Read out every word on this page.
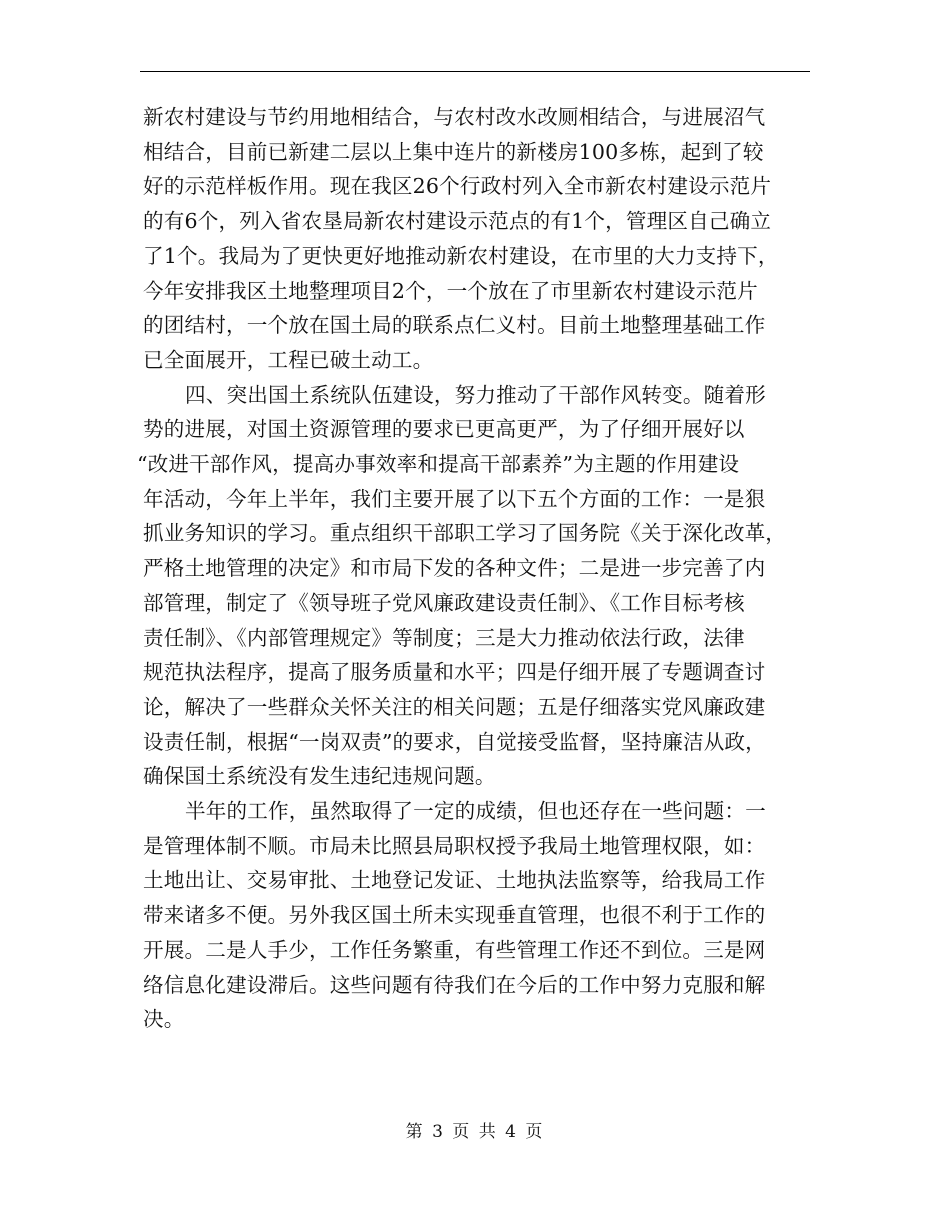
新农村建设与节约用地相结合，与农村改水改厕相结合，与进展沼气
相结合，目前已新建二层以上集中连片的新楼房100多栋，起到了较
好的示范样板作用。现在我区26个行政村列入全市新农村建设示范片
的有6个，列入省农垦局新农村建设示范点的有1个，管理区自己确立
了1个。我局为了更快更好地推动新农村建设，在市里的大力支持下，
今年安排我区土地整理项目2个，一个放在了市里新农村建设示范片
的团结村，一个放在国土局的联系点仁义村。目前土地整理基础工作
已全面展开，工程已破土动工。
四、突出国土系统队伍建设，努力推动了干部作风转变。随着形
势的进展，对国土资源管理的要求已更高更严，为了仔细开展好以
“改进干部作风，提高办事效率和提高干部素养”为主题的作用建设
年活动，今年上半年，我们主要开展了以下五个方面的工作：一是狠
抓业务知识的学习。重点组织干部职工学习了国务院《关于深化改革，
严格土地管理的决定》和市局下发的各种文件；二是进一步完善了内
部管理，制定了《领导班子党风廉政建设责任制》、《工作目标考核
责任制》、《内部管理规定》等制度；三是大力推动依法行政，法律
规范执法程序，提高了服务质量和水平；四是仔细开展了专题调查讨
论，解决了一些群众关怀关注的相关问题；五是仔细落实党风廉政建
设责任制，根据“一岗双责”的要求，自觉接受监督，坚持廉洁从政，
确保国土系统没有发生违纪违规问题。
半年的工作，虽然取得了一定的成绩，但也还存在一些问题：一
是管理体制不顺。市局未比照县局职权授予我局土地管理权限，如：
土地出让、交易审批、土地登记发证、土地执法监察等，给我局工作
带来诸多不便。另外我区国土所未实现垂直管理，也很不利于工作的
开展。二是人手少，工作任务繁重，有些管理工作还不到位。三是网
络信息化建设滞后。这些问题有待我们在今后的工作中努力克服和解
决。
第 3 页 共 4 页
